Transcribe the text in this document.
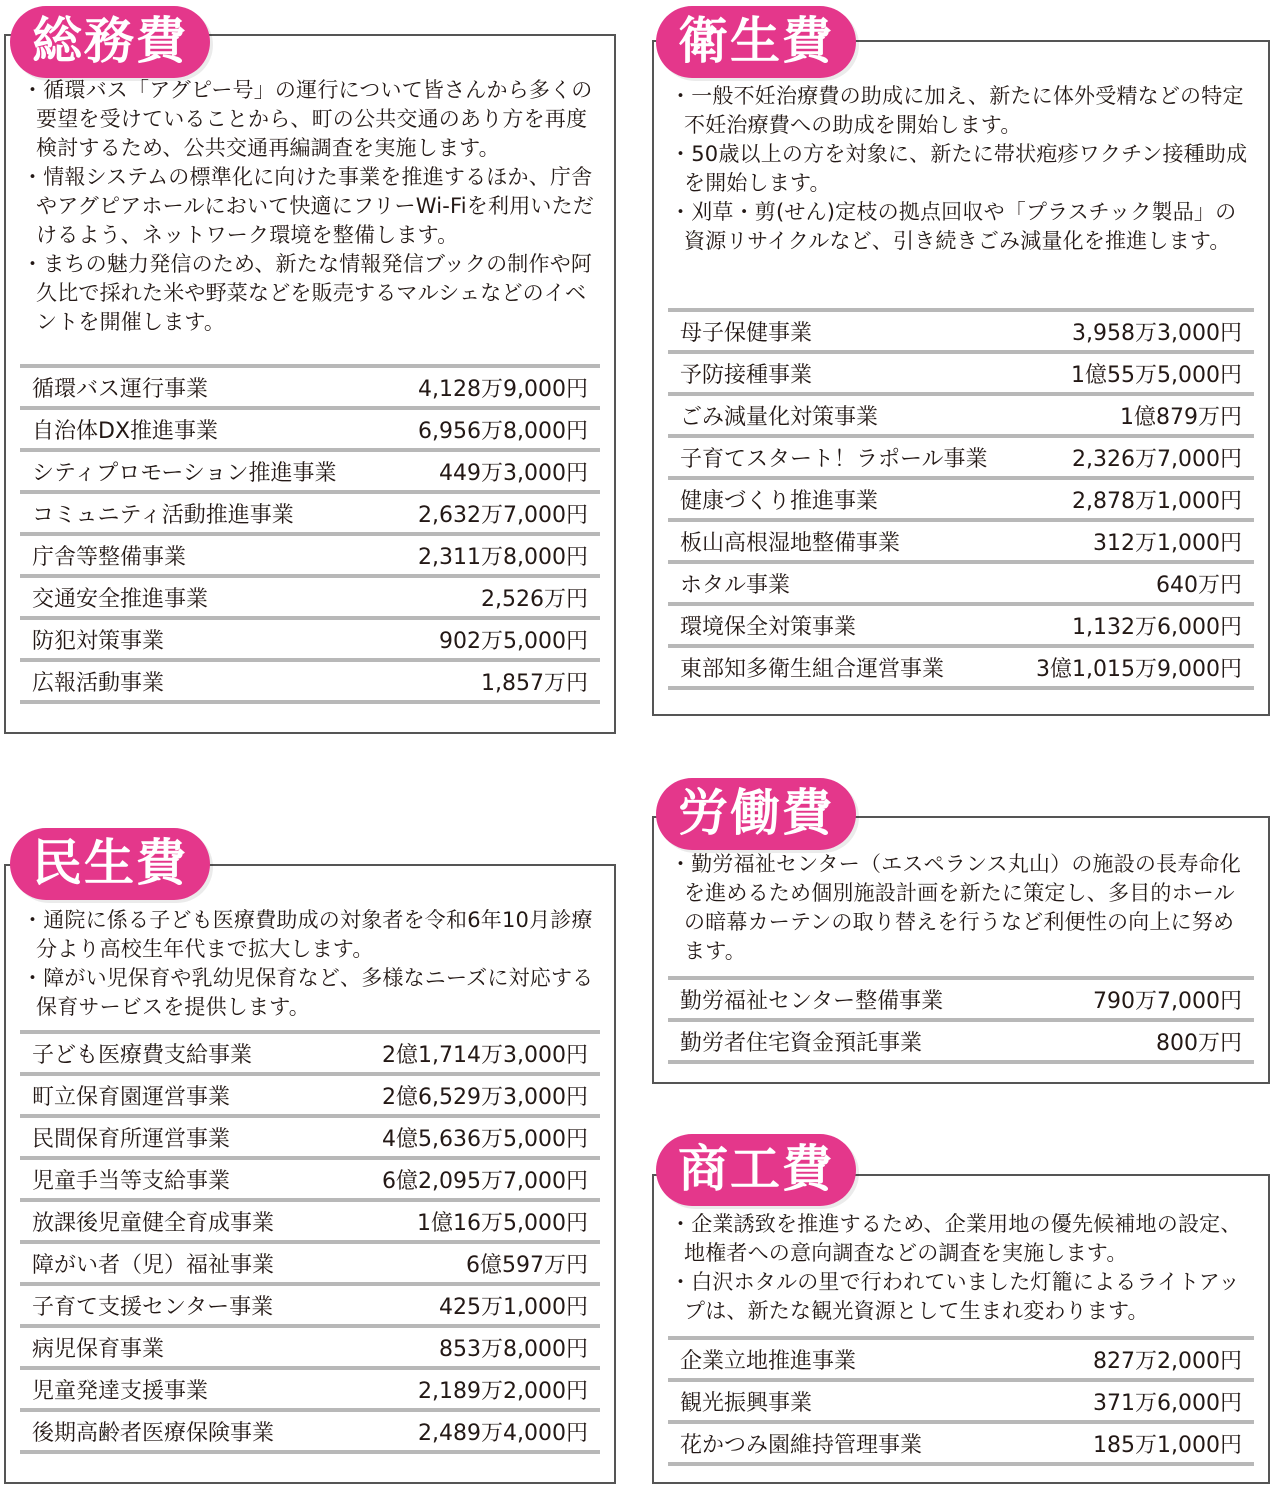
・循環バス「アグピー号」の運行について皆さんから多くの要望を受けていることから、町の公共交通のあり方を再度検討するため、公共交通再編調査を実施します。

・情報システムの標準化に向けた事業を推進するほか、庁舎やアグピアホールにおいて快適にフリーWi-Fiを利用いただけるよう、ネットワーク環境を整備します。

・まちの魅力発信のため、新たな情報発信ブックの制作や阿久比で採れた米や野菜などを販売するマルシェなどのイベントを開催します。

循環バス運行事業	4,128万9,000円
自治体DX推進事業	6,956万8,000円
シティプロモーション推進事業	449万3,000円
コミュニティ活動推進事業	2,632万7,000円
庁舎等整備事業	2,311万8,000円
交通安全推進事業	2,526万円
防犯対策事業	902万5,000円
広報活動事業	1,857万円
総務費

・一般不妊治療費の助成に加え、新たに体外受精などの特定不妊治療費への助成を開始します。

・50歳以上の方を対象に、新たに帯状疱疹ワクチン接種助成を開始します。

・刈草・剪(せん)定枝の拠点回収や「プラスチック製品」の資源リサイクルなど、引き続きごみ減量化を推進します。

母子保健事業	3,958万3,000円
予防接種事業	1億55万5,000円
ごみ減量化対策事業	1億879万円
子育てスタート！ラポール事業	2,326万7,000円
健康づくり推進事業	2,878万1,000円
板山高根湿地整備事業	312万1,000円
ホタル事業	640万円
環境保全対策事業	1,132万6,000円
東部知多衛生組合運営事業	3億1,015万9,000円
衛生費

・通院に係る子ども医療費助成の対象者を令和6年10月診療分より高校生年代まで拡大します。

・障がい児保育や乳幼児保育など、多様なニーズに対応する保育サービスを提供します。

子ども医療費支給事業	2億1,714万3,000円
町立保育園運営事業	2億6,529万3,000円
民間保育所運営事業	4億5,636万5,000円
児童手当等支給事業	6億2,095万7,000円
放課後児童健全育成事業	1億16万5,000円
障がい者（児）福祉事業	6億597万円
子育て支援センター事業	425万1,000円
病児保育事業	853万8,000円
児童発達支援事業	2,189万2,000円
後期高齢者医療保険事業	2,489万4,000円
民生費	・勤労福祉センター（エスペランス丸山）の施設の長寿命化を進めるため個別施設計画を新たに策定し、多目的ホールの暗幕カーテンの取り替えを行うなど利便性の向上に努めます。

勤労福祉センター整備事業	790万7,000円
勤労者住宅資金預託事業	800万円
労働費

・企業誘致を推進するため、企業用地の優先候補地の設定、地権者への意向調査などの調査を実施します。

・白沢ホタルの里で行われていました灯籠によるライトアップは、新たな観光資源として生まれ変わります。

企業立地推進事業	827万2,000円
観光振興事業	371万6,000円
花かつみ園維持管理事業	185万1,000円
商工費
